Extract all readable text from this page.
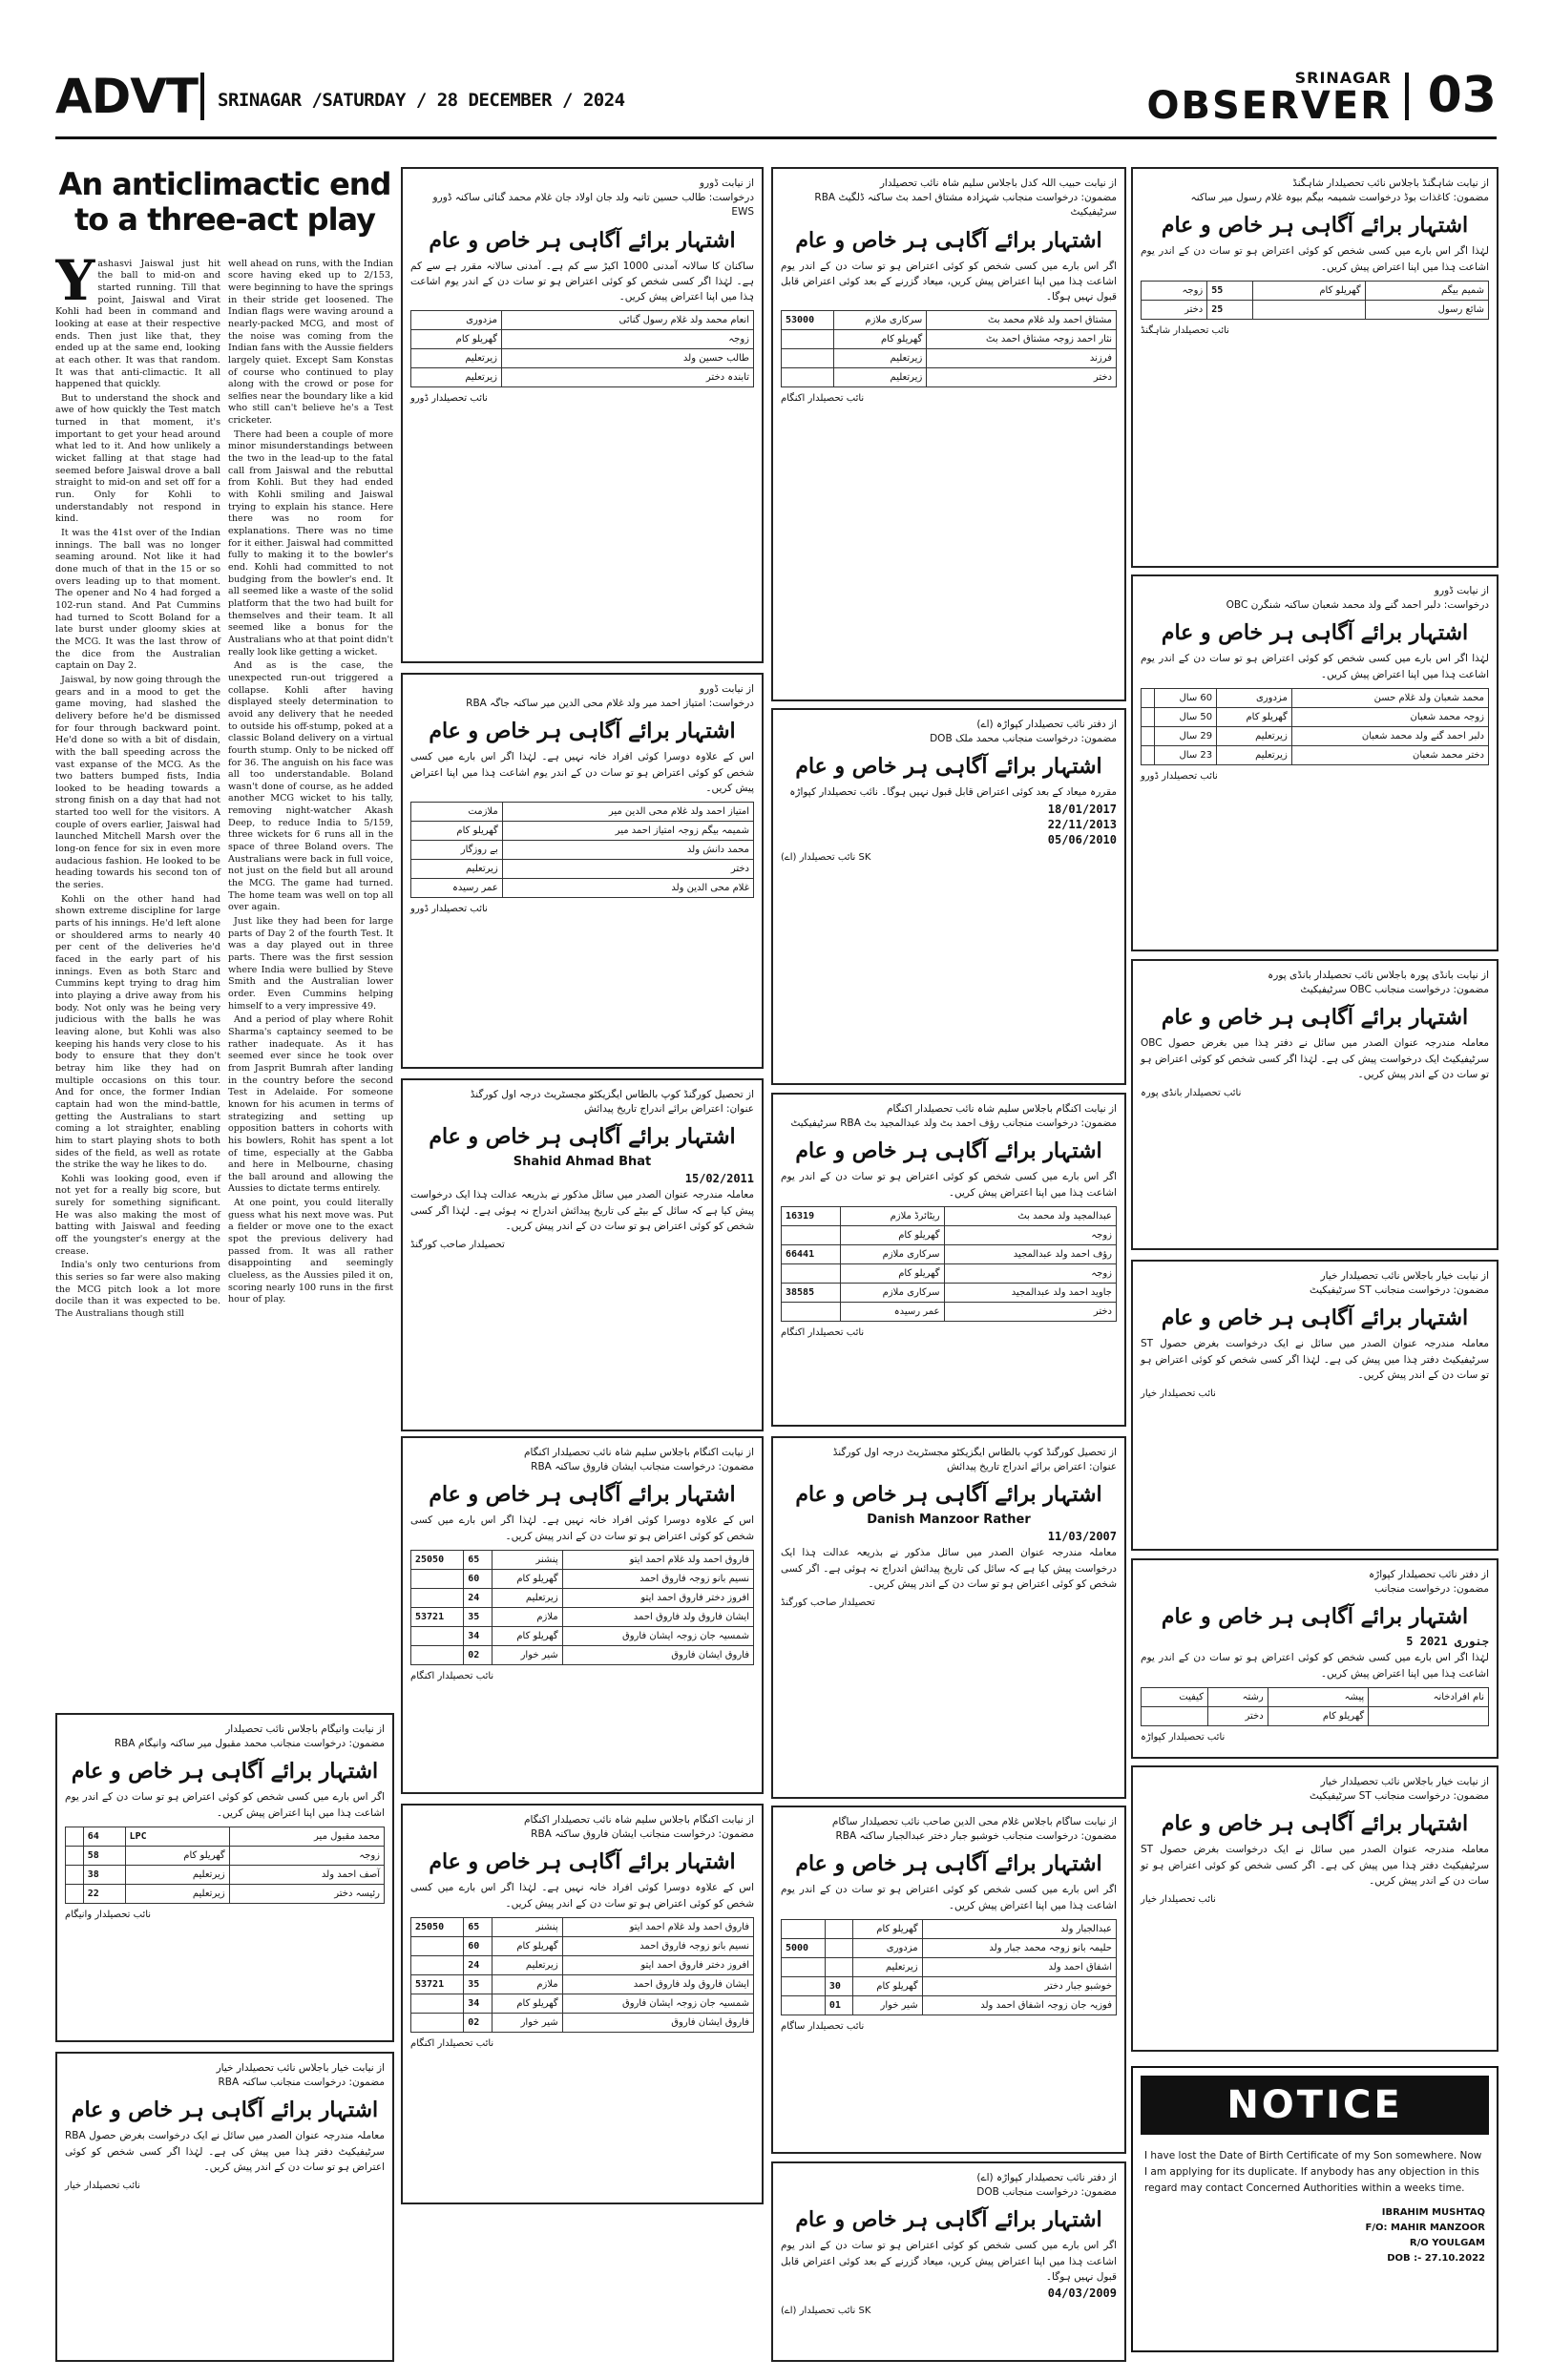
ADVT SRINAGAR /SATURDAY / 28 DECEMBER / 2024
SRINAGAR
OBSERVER 03
An anticlimactic end to a three-act play
Y ashasvi Jaiswal just hit the ball to mid-on and started running. Till that point, Jaiswal and Virat Kohli had been in command and looking at ease at their respective ends. Then just like that, they ended up at the same end, looking at each other. It was that random. It was that anti-climactic. It all happened that quickly.

But to understand the shock and awe of how quickly the Test match turned in that moment, it's important to get your head around what led to it. And how unlikely a wicket falling at that stage had seemed before Jaiswal drove a ball straight to mid-on and set off for a run. Only for Kohli to understandably not respond in kind.

It was the 41st over of the Indian innings. The ball was no longer seaming around. Not like it had done much of that in the 15 or so overs leading up to that moment. The opener and No 4 had forged a 102-run stand. And Pat Cummins had turned to Scott Boland for a late burst under gloomy skies at the MCG. It was the last throw of the dice from the Australian captain on Day 2.

Jaiswal, by now going through the gears and in a mood to get the game moving, had slashed the delivery before he'd be dismissed for four through backward point. He'd done so with a bit of disdain, with the ball speeding across the vast expanse of the MCG. As the two batters bumped fists, India looked to be heading towards a strong finish on a day that had not started too well for the visitors. A couple of overs earlier, Jaiswal had launched Mitchell Marsh over the long-on fence for six in even more audacious fashion. He looked to be heading towards his second ton of the series.

Kohli on the other hand had shown extreme discipline for large parts of his innings. He'd left alone or shouldered arms to nearly 40 per cent of the deliveries he'd faced in the early part of his innings. Even as both Starc and Cummins kept trying to drag him into playing a drive away from his body. Not only was he being very judicious with the balls he was leaving alone, but Kohli was also keeping his hands very close to his body to ensure that they don't betray him like they had on multiple occasions on this tour. And for once, the former Indian captain had won the mind-battle, getting the Australians to start coming a lot straighter, enabling him to start playing shots to both sides of the field, as well as rotate the strike the way he likes to do.

Kohli was looking good, even if not yet for a really big score, but surely for something significant. He was also making the most of batting with Jaiswal and feeding off the youngster's energy at the crease.

India's only two centurions from this series so far were also making the MCG pitch look a lot more docile than it was expected to be. The Australians though still

well ahead on runs, with the Indian score having eked up to 2/153, were beginning to have the springs in their stride get loosened. The Indian flags were waving around a nearly-packed MCG, and most of the noise was coming from the Indian fans with the Aussie fielders largely quiet. Except Sam Konstas of course who continued to play along with the crowd or pose for selfies near the boundary like a kid who still can't believe he's a Test cricketer.

There had been a couple of more minor misunderstandings between the two in the lead-up to the fatal call from Jaiswal and the rebuttal from Kohli. But they had ended with Kohli smiling and Jaiswal trying to explain his stance. Here there was no room for explanations. There was no time for it either. Jaiswal had committed fully to making it to the bowler's end. Kohli had committed to not budging from the bowler's end. It all seemed like a waste of the solid platform that the two had built for themselves and their team. It all seemed like a bonus for the Australians who at that point didn't really look like getting a wicket.

And as is the case, the unexpected run-out triggered a collapse. Kohli after having displayed steely determination to avoid any delivery that he needed to outside his off-stump, poked at a classic Boland delivery on a virtual fourth stump. Only to be nicked off for 36. The anguish on his face was all too understandable. Boland wasn't done of course, as he added another MCG wicket to his tally, removing night-watcher Akash Deep, to reduce India to 5/159, three wickets for 6 runs all in the space of three Boland overs. The Australians were back in full voice, not just on the field but all around the MCG. The game had turned. The home team was well on top all over again.

Just like they had been for large parts of Day 2 of the fourth Test. It was a day played out in three parts. There was the first session where India were bullied by Steve Smith and the Australian lower order. Even Cummins helping himself to a very impressive 49.

And a period of play where Rohit Sharma's captaincy seemed to be rather inadequate. As it has seemed ever since he took over from Jasprit Bumrah after landing in the country before the second Test in Adelaide. For someone known for his acumen in terms of strategizing and setting up opposition batters in cohorts with his bowlers, Rohit has spent a lot of time, especially at the Gabba and here in Melbourne, chasing the ball around and allowing the Aussies to dictate terms entirely.

At one point, you could literally guess what his next move was. Put a fielder or move one to the exact spot the previous delivery had passed from. It was all rather disappointing and seemingly clueless, as the Aussies piled it on, scoring nearly 100 runs in the first hour of play.

از نیابت ڈورو
درخواست: طالب حسین تانبہ ولد جان اولاد جان غلام محمد گنائی ساکنہ ڈورو EWS
اشتہار برائے آگاہی ہر خاص و عام
ساکنان کا سالانہ آمدنی 1000 اکیڑ سے کم ہے۔ آمدنی سالانہ مقرر ہے سے کم ہے۔ لہٰذا اگر کسی شخص کو کوئی اعتراض ہو تو سات دن کے اندر یوم اشاعت ہٰذا میں اپنا اعتراض پیش کریں۔
انعام محمد ولد غلام رسول گنائی	مزدوری
زوجہ	گھریلو کام
طالب حسین ولد	زیرتعلیم
تابندہ دختر	زیرتعلیم
نائب تحصیلدار ڈورو
از نیابت ڈورو
درخواست: امتیاز احمد میر ولد غلام محی الدین میر ساکنہ جاگہ RBA
اشتہار برائے آگاہی ہر خاص و عام
اس کے علاوہ دوسرا کوئی افراد خانہ نہیں ہے۔ لہٰذا اگر اس بارے میں کسی شخص کو کوئی اعتراض ہو تو سات دن کے اندر یوم اشاعت ہٰذا میں اپنا اعتراض پیش کریں۔
امتیاز احمد ولد غلام محی الدین میر	ملازمت
شمیمہ بیگم زوجہ امتیاز احمد میر	گھریلو کام
محمد دانش ولد	بے روزگار
دختر	زیرتعلیم
غلام محی الدین ولد	عمر رسیدہ
نائب تحصیلدار ڈورو
از تحصیل کورگنڈ کوپ بالطاس ایگزیکٹو مجسٹریٹ درجہ اول کورگنڈ
عنوان: اعتراض برائے اندراج تاریخ پیدائش
اشتہار برائے آگاہی ہر خاص و عام
Shahid Ahmad Bhat
15/02/2011
معاملہ مندرجہ عنوان الصدر میں سائل مذکور نے بذریعہ عدالت ہٰذا ایک درخواست پیش کیا ہے کہ سائل کے بیٹے کی تاریخ پیدائش اندراج نہ ہوئی ہے۔ لہٰذا اگر کسی شخص کو کوئی اعتراض ہو تو سات دن کے اندر پیش کریں۔
تحصیلدار صاحب کورگنڈ
از نیابت حبیب اللہ کدل باجلاس سلیم شاہ نائب تحصیلدار
مضمون: درخواست منجانب شہزادہ مشتاق احمد بٹ ساکنہ ڈلگیٹ RBA سرٹیفیکیٹ
اشتہار برائے آگاہی ہر خاص و عام
اگر اس بارے میں کسی شخص کو کوئی اعتراض ہو تو سات دن کے اندر یوم اشاعت ہٰذا میں اپنا اعتراض پیش کریں، میعاد گزرنے کے بعد کوئی اعتراض قابل قبول نہیں ہوگا۔
مشتاق احمد ولد غلام محمد بٹ	سرکاری ملازم	53000
نثار احمد زوجہ مشتاق احمد بٹ	گھریلو کام	
فرزند	زیرتعلیم	
دختر	زیرتعلیم	
نائب تحصیلدار اکنگام
از دفتر نائب تحصیلدار کپواڑہ (اے)
مضمون: درخواست منجانب محمد ملک DOB
اشتہار برائے آگاہی ہر خاص و عام
مقررہ میعاد کے بعد کوئی اعتراض قابل قبول نہیں ہوگا۔ نائب تحصیلدار کپواڑہ
18/01/2017
22/11/2013
05/06/2010
SK نائب تحصیلدار (اے)
از نیابت اکنگام باجلاس سلیم شاہ نائب تحصیلدار اکنگام
مضمون: درخواست منجانب رؤف احمد بٹ ولد عبدالمجید بٹ RBA سرٹیفیکیٹ
اشتہار برائے آگاہی ہر خاص و عام
اگر اس بارے میں کسی شخص کو کوئی اعتراض ہو تو سات دن کے اندر یوم اشاعت ہٰذا میں اپنا اعتراض پیش کریں۔
عبدالمجید ولد محمد بٹ	ریٹائرڈ ملازم	16319
زوجہ	گھریلو کام	
رؤف احمد ولد عبدالمجید	سرکاری ملازم	66441
زوجہ	گھریلو کام	
جاوید احمد ولد عبدالمجید	سرکاری ملازم	38585
دختر	عمر رسیدہ	
نائب تحصیلدار اکنگام
از نیابت اکنگام باجلاس سلیم شاہ نائب تحصیلدار اکنگام
مضمون: درخواست منجانب ایشان فاروق ساکنہ RBA
اشتہار برائے آگاہی ہر خاص و عام
اس کے علاوہ دوسرا کوئی افراد خانہ نہیں ہے۔ لہٰذا اگر اس بارے میں کسی شخص کو کوئی اعتراض ہو تو سات دن کے اندر پیش کریں۔
فاروق احمد ولد غلام احمد ایتو	پنشنر	65	25050
نسیم بانو زوجہ فاروق احمد	گھریلو کام	60	
افروز دختر فاروق احمد ایتو	زیرتعلیم	24	
ایشان فاروق ولد فاروق احمد	ملازم	35	53721
شمسیہ جان زوجہ ایشان فاروق	گھریلو کام	34	
فاروق ایشان فاروق	شیر خوار	02	
نائب تحصیلدار اکنگام
از تحصیل کورگنڈ کوپ بالطاس ایگزیکٹو مجسٹریٹ درجہ اول کورگنڈ
عنوان: اعتراض برائے اندراج تاریخ پیدائش
اشتہار برائے آگاہی ہر خاص و عام
Danish Manzoor Rather
11/03/2007
معاملہ مندرجہ عنوان الصدر میں سائل مذکور نے بذریعہ عدالت ہٰذا ایک درخواست پیش کیا ہے کہ سائل کی تاریخ پیدائش اندراج نہ ہوئی ہے۔ اگر کسی شخص کو کوئی اعتراض ہو تو سات دن کے اندر پیش کریں۔
تحصیلدار صاحب کورگنڈ
از نیابت ساگام باجلاس غلام محی الدین صاحب نائب تحصیلدار ساگام
مضمون: درخواست منجانب خوشبو جبار دختر عبدالجبار ساکنہ RBA
اشتہار برائے آگاہی ہر خاص و عام
اگر اس بارے میں کسی شخص کو کوئی اعتراض ہو تو سات دن کے اندر یوم اشاعت ہٰذا میں اپنا اعتراض پیش کریں۔
عبدالجبار ولد	گھریلو کام		
حلیمہ بانو زوجہ محمد جبار ولد	مزدوری		5000
اشفاق احمد ولد	زیرتعلیم		
خوشبو جبار دختر	گھریلو کام	30	
فوزیہ جان زوجہ اشفاق احمد ولد	شیر خوار	01	
نائب تحصیلدار ساگام
از دفتر نائب تحصیلدار کپواڑہ (اے)
مضمون: درخواست منجانب DOB
اشتہار برائے آگاہی ہر خاص و عام
اگر اس بارے میں کسی شخص کو کوئی اعتراض ہو تو سات دن کے اندر یوم اشاعت ہٰذا میں اپنا اعتراض پیش کریں، میعاد گزرنے کے بعد کوئی اعتراض قابل قبول نہیں ہوگا۔
04/03/2009
SK نائب تحصیلدار (اے)
از نیابت اکنگام باجلاس سلیم شاہ نائب تحصیلدار اکنگام
مضمون: درخواست منجانب ایشان فاروق ساکنہ RBA
اشتہار برائے آگاہی ہر خاص و عام
اس کے علاوہ دوسرا کوئی افراد خانہ نہیں ہے۔ لہٰذا اگر اس بارے میں کسی شخص کو کوئی اعتراض ہو تو سات دن کے اندر پیش کریں۔
فاروق احمد ولد غلام احمد ایتو	پنشنر	65	25050
نسیم بانو زوجہ فاروق احمد	گھریلو کام	60	
افروز دختر فاروق احمد ایتو	زیرتعلیم	24	
ایشان فاروق ولد فاروق احمد	ملازم	35	53721
شمسیہ جان زوجہ ایشان فاروق	گھریلو کام	34	
فاروق ایشان فاروق	شیر خوار	02	
نائب تحصیلدار اکنگام
از نیابت وانیگام باجلاس نائب تحصیلدار
مضمون: درخواست منجانب محمد مقبول میر ساکنہ وانیگام RBA
اشتہار برائے آگاہی ہر خاص و عام
اگر اس بارے میں کسی شخص کو کوئی اعتراض ہو تو سات دن کے اندر یوم اشاعت ہٰذا میں اپنا اعتراض پیش کریں۔
محمد مقبول میر	LPC	64	
زوجہ	گھریلو کام	58	
آصف احمد ولد	زیرتعلیم	38	
رئیسہ دختر	زیرتعلیم	22	
نائب تحصیلدار وانیگام
از نیابت خیار باجلاس نائب تحصیلدار خیار
مضمون: درخواست منجانب ساکنہ RBA
اشتہار برائے آگاہی ہر خاص و عام
معاملہ مندرجہ عنوان الصدر میں سائل نے ایک درخواست بغرض حصول RBA سرٹیفیکیٹ دفتر ہٰذا میں پیش کی ہے۔ لہٰذا اگر کسی شخص کو کوئی اعتراض ہو تو سات دن کے اندر پیش کریں۔
نائب تحصیلدار خیار
از نیابت شاہگنڈ باجلاس نائب تحصیلدار شاہگنڈ
مضمون: کاغذات بوڈ درخواست شمیمہ بیگم بیوہ غلام رسول میر ساکنہ
اشتہار برائے آگاہی ہر خاص و عام
لہٰذا اگر اس بارے میں کسی شخص کو کوئی اعتراض ہو تو سات دن کے اندر یوم اشاعت ہٰذا میں اپنا اعتراض پیش کریں۔
شمیم بیگم	گھریلو کام	55	زوجہ
شائع رسول		25	دختر
نائب تحصیلدار شاہگنڈ
از نیابت ڈورو
درخواست: دلبر احمد گنے ولد محمد شعبان ساکنہ شنگرن OBC
اشتہار برائے آگاہی ہر خاص و عام
لہٰذا اگر اس بارے میں کسی شخص کو کوئی اعتراض ہو تو سات دن کے اندر یوم اشاعت ہٰذا میں اپنا اعتراض پیش کریں۔
محمد شعبان ولد غلام حسن	مزدوری	60 سال	
زوجہ محمد شعبان	گھریلو کام	50 سال	
دلبر احمد گنے ولد محمد شعبان	زیرتعلیم	29 سال	
دختر محمد شعبان	زیرتعلیم	23 سال	
نائب تحصیلدار ڈورو
از نیابت بانڈی پورہ باجلاس نائب تحصیلدار بانڈی پورہ
مضمون: درخواست منجانب OBC سرٹیفیکیٹ
اشتہار برائے آگاہی ہر خاص و عام
معاملہ مندرجہ عنوان الصدر میں سائل نے دفتر ہٰذا میں بغرض حصول OBC سرٹیفیکیٹ ایک درخواست پیش کی ہے۔ لہٰذا اگر کسی شخص کو کوئی اعتراض ہو تو سات دن کے اندر پیش کریں۔
نائب تحصیلدار بانڈی پورہ
از نیابت خیار باجلاس نائب تحصیلدار خیار
مضمون: درخواست منجانب ST سرٹیفیکیٹ
اشتہار برائے آگاہی ہر خاص و عام
معاملہ مندرجہ عنوان الصدر میں سائل نے ایک درخواست بغرض حصول ST سرٹیفیکیٹ دفتر ہٰذا میں پیش کی ہے۔ لہٰذا اگر کسی شخص کو کوئی اعتراض ہو تو سات دن کے اندر پیش کریں۔
نائب تحصیلدار خیار
از دفتر نائب تحصیلدار کپواڑہ
مضمون: درخواست منجانب
اشتہار برائے آگاہی ہر خاص و عام
5 جنوری 2021
لہٰذا اگر اس بارے میں کسی شخص کو کوئی اعتراض ہو تو سات دن کے اندر یوم اشاعت ہٰذا میں اپنا اعتراض پیش کریں۔
نام افرادخانہ	پیشہ	رشتہ	کیفیت
	گھریلو کام	دختر	
نائب تحصیلدار کپواڑہ
از نیابت خیار باجلاس نائب تحصیلدار خیار
مضمون: درخواست منجانب ST سرٹیفیکیٹ
اشتہار برائے آگاہی ہر خاص و عام
معاملہ مندرجہ عنوان الصدر میں سائل نے ایک درخواست بغرض حصول ST سرٹیفیکیٹ دفتر ہٰذا میں پیش کی ہے۔ اگر کسی شخص کو کوئی اعتراض ہو تو سات دن کے اندر پیش کریں۔
نائب تحصیلدار خیار
NOTICE
I have lost the Date of Birth Certificate of my Son somewhere. Now I am applying for its duplicate. If anybody has any objection in this regard may contact Concerned Authorities within a weeks time.
IBRAHIM MUSHTAQ
F/O: MAHIR MANZOOR
R/O YOULGAM
DOB :- 27.10.2022
